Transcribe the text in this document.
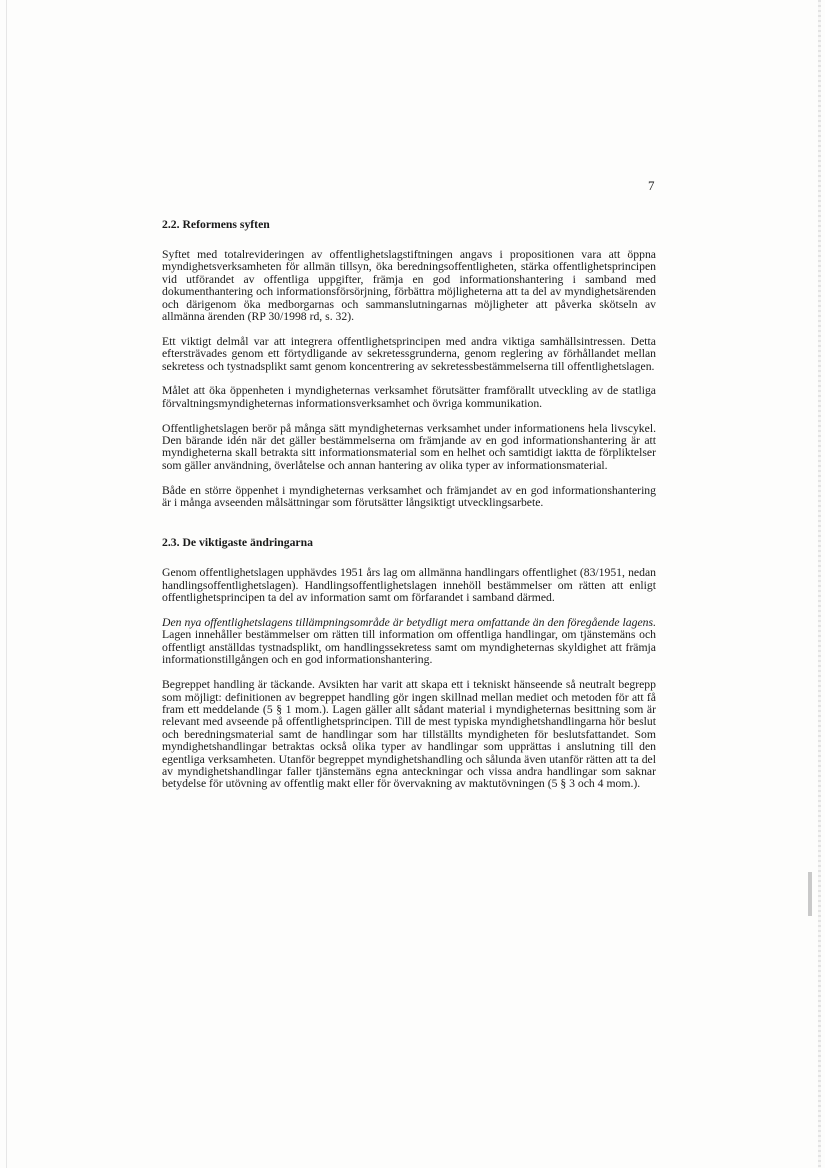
7
2.2. Reformens syften

Syftet med totalrevideringen av offentlighetslagstiftningen angavs i propositionen vara att öppna myndighetsverksamheten för allmän tillsyn, öka beredningsoffentligheten, stärka offentlighetsprincipen vid utförandet av offentliga uppgifter, främja en god informationshantering i samband med dokumenthantering och informationsförsörjning, förbättra möjligheterna att ta del av myndighetsärenden och därigenom öka medborgarnas och sammanslutningarnas möjligheter att påverka skötseln av allmänna ärenden (RP 30/1998 rd, s. 32).

Ett viktigt delmål var att integrera offentlighetsprincipen med andra viktiga samhällsintressen. Detta eftersträvades genom ett förtydligande av sekretessgrunderna, genom reglering av förhållandet mellan sekretess och tystnadsplikt samt genom koncentrering av sekretessbestämmelserna till offentlighetslagen.

Målet att öka öppenheten i myndigheternas verksamhet förutsätter framförallt utveckling av de statliga förvaltningsmyndigheternas informationsverksamhet och övriga kommunikation.

Offentlighetslagen berör på många sätt myndigheternas verksamhet under informationens hela livscykel. Den bärande idén när det gäller bestämmelserna om främjande av en god informationshantering är att myndigheterna skall betrakta sitt informationsmaterial som en helhet och samtidigt iaktta de förpliktelser som gäller användning, överlåtelse och annan hantering av olika typer av informationsmaterial.

Både en större öppenhet i myndigheternas verksamhet och främjandet av en god informationshantering är i många avseenden målsättningar som förutsätter långsiktigt utvecklingsarbete.

2.3. De viktigaste ändringarna

Genom offentlighetslagen upphävdes 1951 års lag om allmänna handlingars offentlighet (83/1951, nedan handlingsoffentlighetslagen). Handlingsoffentlighetslagen innehöll bestämmelser om rätten att enligt offentlighetsprincipen ta del av information samt om förfarandet i samband därmed.

Den nya offentlighetslagens tillämpningsområde är betydligt mera omfattande än den föregående lagens. Lagen innehåller bestämmelser om rätten till information om offentliga handlingar, om tjänstemäns och offentligt anställdas tystnadsplikt, om handlingssekretess samt om myndigheternas skyldighet att främja informationstillgången och en god informationshantering.

Begreppet handling är täckande. Avsikten har varit att skapa ett i tekniskt hänseende så neutralt begrepp som möjligt: definitionen av begreppet handling gör ingen skillnad mellan mediet och metoden för att få fram ett meddelande (5 § 1 mom.). Lagen gäller allt sådant material i myndigheternas besittning som är relevant med avseende på offentlighetsprincipen. Till de mest typiska myndighetshandlingarna hör beslut och beredningsmaterial samt de handlingar som har tillställts myndigheten för beslutsfattandet. Som myndighetshandlingar betraktas också olika typer av handlingar som upprättas i anslutning till den egentliga verksamheten. Utanför begreppet myndighetshandling och sålunda även utanför rätten att ta del av myndighetshandlingar faller tjänstemäns egna anteckningar och vissa andra handlingar som saknar betydelse för utövning av offentlig makt eller för övervakning av maktutövningen (5 § 3 och 4 mom.).
